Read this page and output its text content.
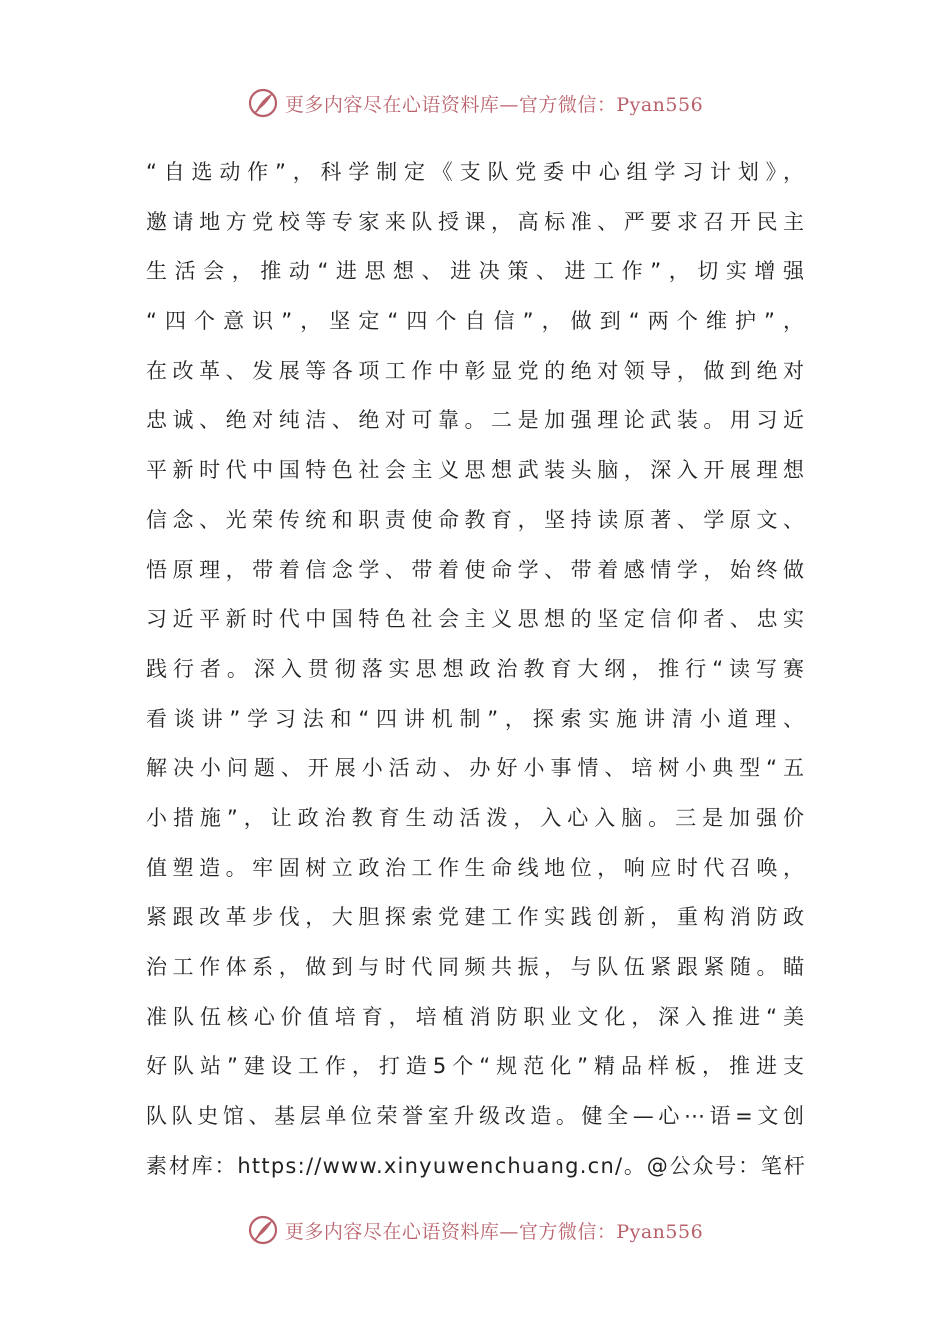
更多内容尽在心语资料库—官方微信：Pyan556
“自选动作”，科学制定《支队党委中心组学习计划》，
邀请地方党校等专家来队授课，高标准、严要求召开民主
生活会，推动“进思想、进决策、进工作”，切实增强
“四个意识”，坚定“四个自信”，做到“两个维护”，
在改革、发展等各项工作中彰显党的绝对领导，做到绝对
忠诚、绝对纯洁、绝对可靠。二是加强理论武装。用习近
平新时代中国特色社会主义思想武装头脑，深入开展理想
信念、光荣传统和职责使命教育，坚持读原著、学原文、
悟原理，带着信念学、带着使命学、带着感情学，始终做
习近平新时代中国特色社会主义思想的坚定信仰者、忠实
践行者。深入贯彻落实思想政治教育大纲，推行“读写赛
看谈讲”学习法和“四讲机制”，探索实施讲清小道理、
解决小问题、开展小活动、办好小事情、培树小典型“五
小措施”，让政治教育生动活泼，入心入脑。三是加强价
值塑造。牢固树立政治工作生命线地位，响应时代召唤，
紧跟改革步伐，大胆探索党建工作实践创新，重构消防政
治工作体系，做到与时代同频共振，与队伍紧跟紧随。瞄
准队伍核心价值培育，培植消防职业文化，深入推进“美
好队站”建设工作，打造5个“规范化”精品样板，推进支
队队史馆、基层单位荣誉室升级改造。健全—心⋯语=文创
素材库：https://www.xinyuwenchuang.cn/。@公众号：笔杆
更多内容尽在心语资料库—官方微信：Pyan556
